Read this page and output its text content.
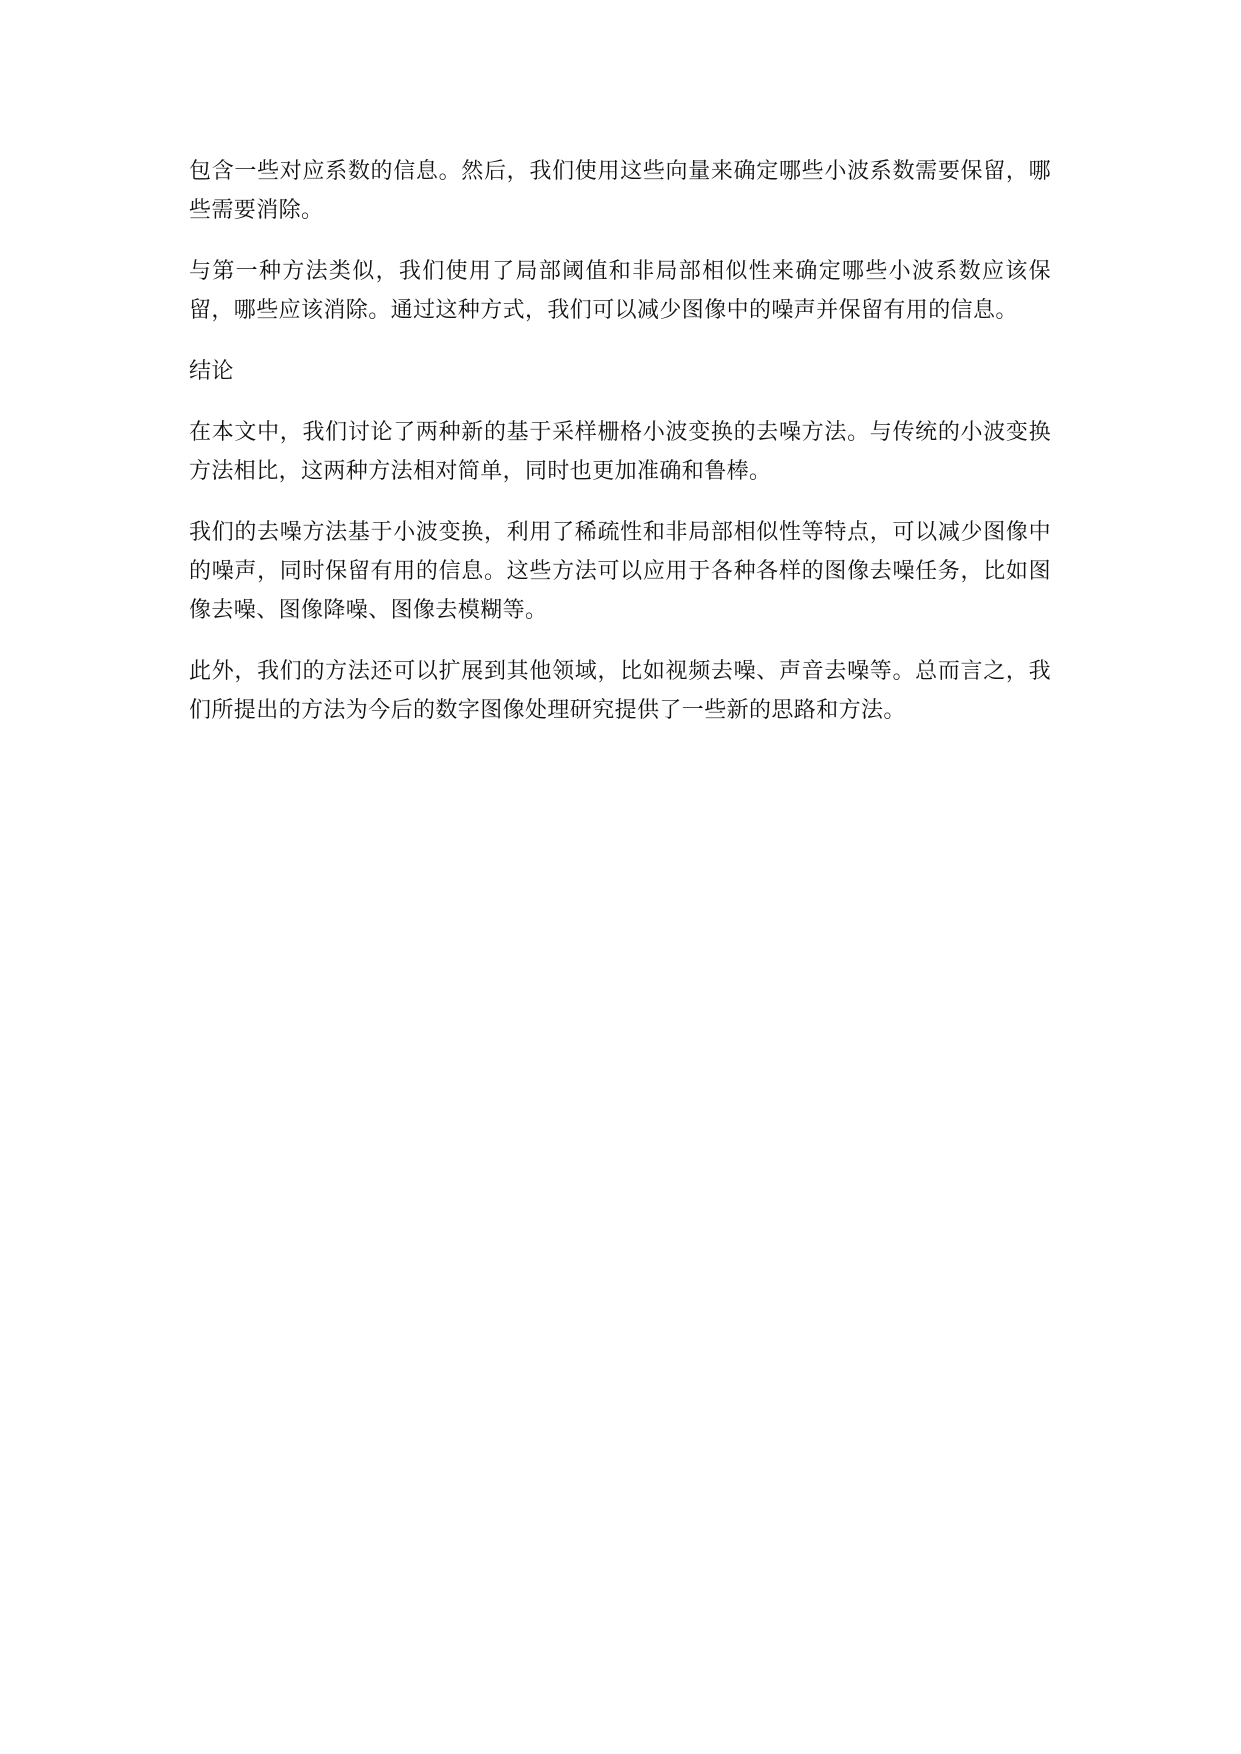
包含一些对应系数的信息。然后，我们使用这些向量来确定哪些小波系数需要保留，哪些需要消除。

与第一种方法类似，我们使用了局部阈值和非局部相似性来确定哪些小波系数应该保留，哪些应该消除。通过这种方式，我们可以减少图像中的噪声并保留有用的信息。

结论

在本文中，我们讨论了两种新的基于采样栅格小波变换的去噪方法。与传统的小波变换方法相比，这两种方法相对简单，同时也更加准确和鲁棒。

我们的去噪方法基于小波变换，利用了稀疏性和非局部相似性等特点，可以减少图像中的噪声，同时保留有用的信息。这些方法可以应用于各种各样的图像去噪任务，比如图像去噪、图像降噪、图像去模糊等。

此外，我们的方法还可以扩展到其他领域，比如视频去噪、声音去噪等。总而言之，我们所提出的方法为今后的数字图像处理研究提供了一些新的思路和方法。
